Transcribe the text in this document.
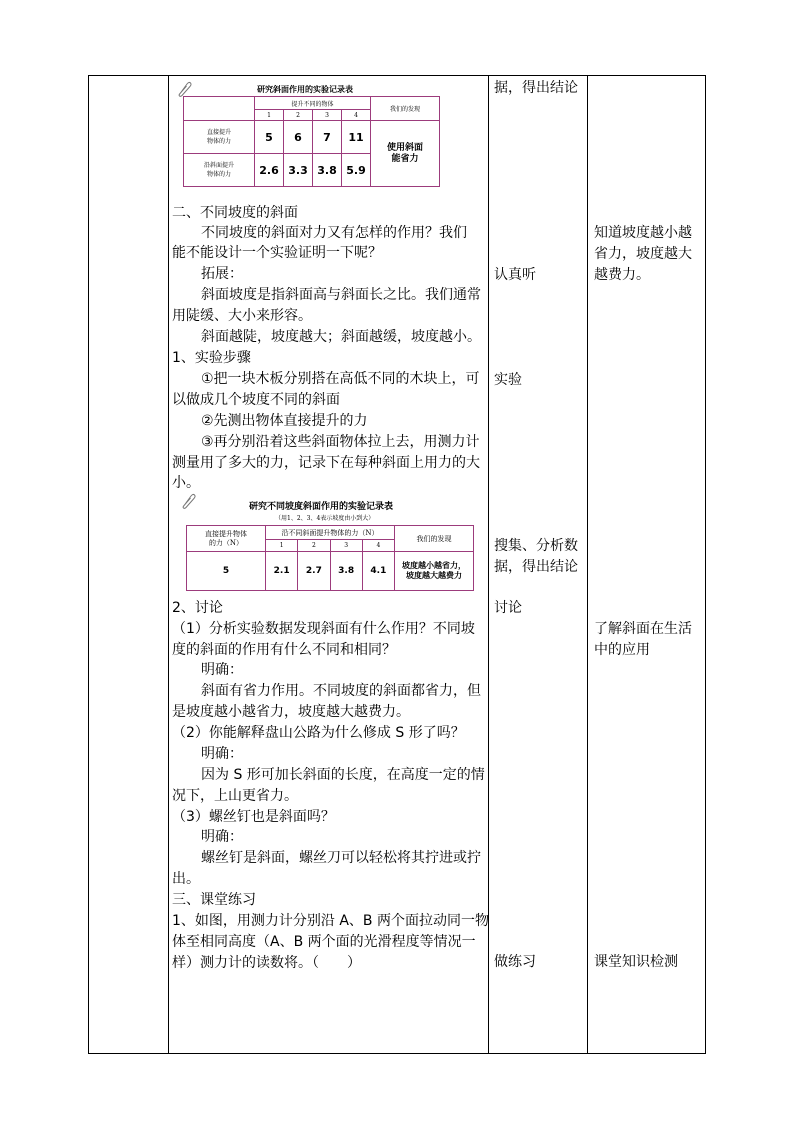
研究斜面作用的实验记录表
	提升不同的物体				我们的发现
	1	2	3	4	
直接提升
物体的力	5	6	7	11	使用斜面
能省力
沿斜面提升
物体的力	2.6	3.3	3.8	5.9	
二、不同坡度的斜面
不同坡度的斜面对力又有怎样的作用？我们
能不能设计一个实验证明一下呢？
拓展：
斜面坡度是指斜面高与斜面长之比。我们通常
用陡缓、大小来形容。
斜面越陡，坡度越大；斜面越缓，坡度越小。
1、实验步骤
①把一块木板分别搭在高低不同的木块上，可
以做成几个坡度不同的斜面
②先测出物体直接提升的力
③再分别沿着这些斜面物体拉上去，用测力计
测量用了多大的力，记录下在每种斜面上用力的大
小。
研究不同坡度斜面作用的实验记录表
（用1、2、3、4表示坡度由小到大）
直接提升物体
的力（N）	沿不同斜面提升物体的力（N）				我们的发现
	1	2	3	4	
5	2.1	2.7	3.8	4.1	坡度越小越省力，
坡度越大越费力
2、讨论
（1）分析实验数据发现斜面有什么作用？不同坡
度的斜面的作用有什么不同和相同？
明确：
斜面有省力作用。不同坡度的斜面都省力，但
是坡度越小越省力，坡度越大越费力。
（2）你能解释盘山公路为什么修成 S 形了吗？
明确：
因为 S 形可加长斜面的长度，在高度一定的情
况下，上山更省力。
（3）螺丝钉也是斜面吗？
明确：
螺丝钉是斜面，螺丝刀可以轻松将其拧进或拧
出。
三、课堂练习
1、如图，用测力计分别沿 A、B 两个面拉动同一物
体至相同高度（A、B 两个面的光滑程度等情况一
样）测力计的读数将。（　　）
据，得出结论
认真听
实验
搜集、分析数
据，得出结论
讨论
做练习
知道坡度越小越
省力，坡度越大
越费力。
了解斜面在生活
中的应用
课堂知识检测
